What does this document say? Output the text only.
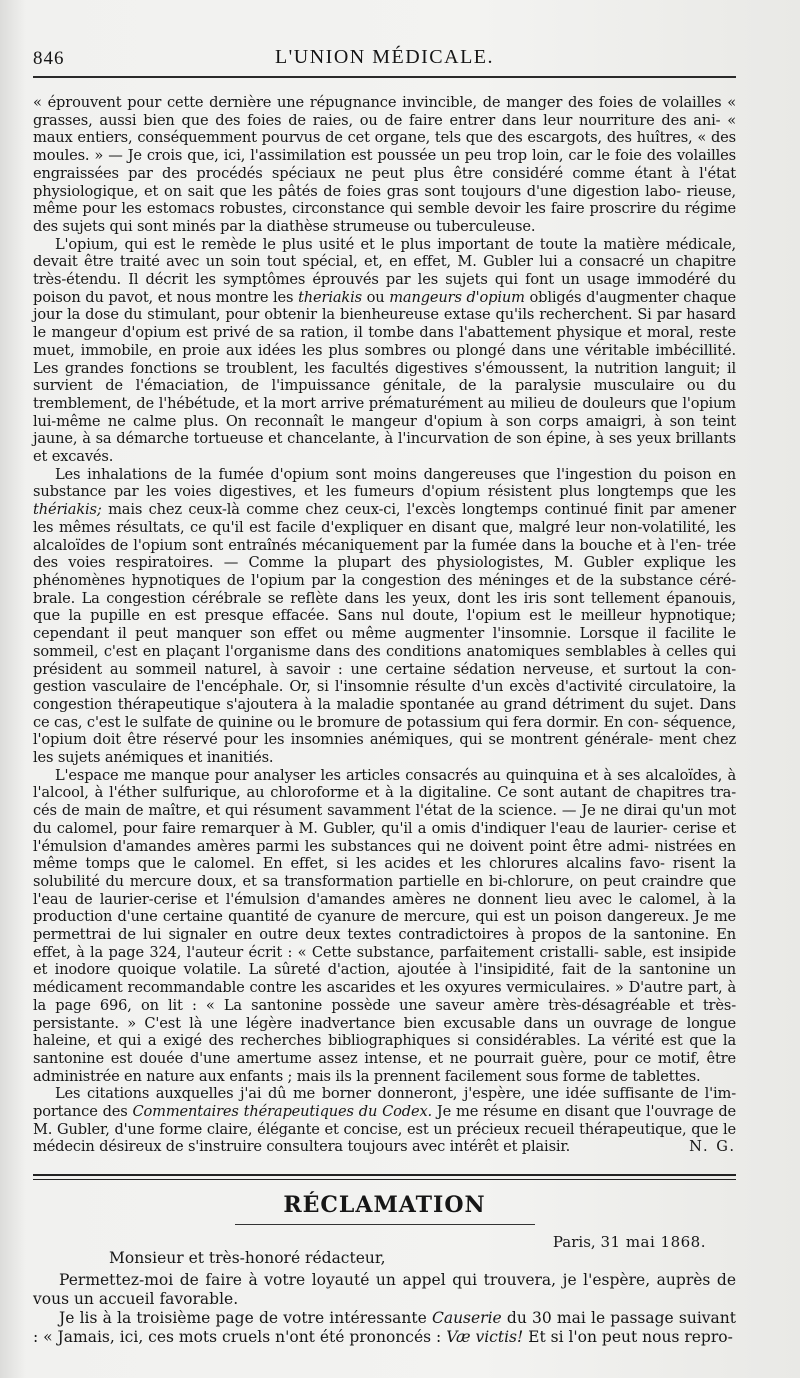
846	L'UNION MÉDICALE.

« éprouvent pour cette dernière une répugnance invincible, de manger des foies de volailles « grasses, aussi bien que des foies de raies, ou de faire entrer dans leur nourriture des ani- « maux entiers, conséquemment pourvus de cet organe, tels que des escargots, des huîtres, « des moules. » — Je crois que, ici, l'assimilation est poussée un peu trop loin, car le foie des volailles engraissées par des procédés spéciaux ne peut plus être considéré comme étant à l'état physiologique, et on sait que les pâtés de foies gras sont toujours d'une digestion labo- rieuse, même pour les estomacs robustes, circonstance qui semble devoir les faire proscrire du régime des sujets qui sont minés par la diathèse strumeuse ou tuberculeuse.

L'opium, qui est le remède le plus usité et le plus important de toute la matière médicale, devait être traité avec un soin tout spécial, et, en effet, M. Gubler lui a consacré un chapitre très-étendu. Il décrit les symptômes éprouvés par les sujets qui font un usage immodéré du poison du pavot, et nous montre les theriakis ou mangeurs d'opium obligés d'augmenter chaque jour la dose du stimulant, pour obtenir la bienheureuse extase qu'ils recherchent. Si par hasard le mangeur d'opium est privé de sa ration, il tombe dans l'abattement physique et moral, reste muet, immobile, en proie aux idées les plus sombres ou plongé dans une véritable imbécillité. Les grandes fonctions se troublent, les facultés digestives s'émoussent, la nutrition languit; il survient de l'émaciation, de l'impuissance génitale, de la paralysie musculaire ou du tremblement, de l'hébétude, et la mort arrive prématurément au milieu de douleurs que l'opium lui-même ne calme plus. On reconnaît le mangeur d'opium à son corps amaigri, à son teint jaune, à sa démarche tortueuse et chancelante, à l'incurvation de son épine, à ses yeux brillants et excavés.

Les inhalations de la fumée d'opium sont moins dangereuses que l'ingestion du poison en substance par les voies digestives, et les fumeurs d'opium résistent plus longtemps que les thériakis; mais chez ceux-là comme chez ceux-ci, l'excès longtemps continué finit par amener les mêmes résultats, ce qu'il est facile d'expliquer en disant que, malgré leur non-volatilité, les alcaloïdes de l'opium sont entraînés mécaniquement par la fumée dans la bouche et à l'en- trée des voies respiratoires. — Comme la plupart des physiologistes, M. Gubler explique les phénomènes hypnotiques de l'opium par la congestion des méninges et de la substance céré- brale. La congestion cérébrale se reflète dans les yeux, dont les iris sont tellement épanouis, que la pupille en est presque effacée. Sans nul doute, l'opium est le meilleur hypnotique; cependant il peut manquer son effet ou même augmenter l'insomnie. Lorsque il facilite le sommeil, c'est en plaçant l'organisme dans des conditions anatomiques semblables à celles qui président au sommeil naturel, à savoir : une certaine sédation nerveuse, et surtout la con- gestion vasculaire de l'encéphale. Or, si l'insomnie résulte d'un excès d'activité circulatoire, la congestion thérapeutique s'ajoutera à la maladie spontanée au grand détriment du sujet. Dans ce cas, c'est le sulfate de quinine ou le bromure de potassium qui fera dormir. En con- séquence, l'opium doit être réservé pour les insomnies anémiques, qui se montrent générale- ment chez les sujets anémiques et inanitiés.

L'espace me manque pour analyser les articles consacrés au quinquina et à ses alcaloïdes, à l'alcool, à l'éther sulfurique, au chloroforme et à la digitaline. Ce sont autant de chapitres tra- cés de main de maître, et qui résument savamment l'état de la science. — Je ne dirai qu'un mot du calomel, pour faire remarquer à M. Gubler, qu'il a omis d'indiquer l'eau de laurier- cerise et l'émulsion d'amandes amères parmi les substances qui ne doivent point être admi- nistrées en même tomps que le calomel. En effet, si les acides et les chlorures alcalins favo- risent la solubilité du mercure doux, et sa transformation partielle en bi-chlorure, on peut craindre que l'eau de laurier-cerise et l'émulsion d'amandes amères ne donnent lieu avec le calomel, à la production d'une certaine quantité de cyanure de mercure, qui est un poison dangereux. Je me permettrai de lui signaler en outre deux textes contradictoires à propos de la santonine. En effet, à la page 324, l'auteur écrit : « Cette substance, parfaitement cristalli- sable, est insipide et inodore quoique volatile. La sûreté d'action, ajoutée à l'insipidité, fait de la santonine un médicament recommandable contre les ascarides et les oxyures vermiculaires. » D'autre part, à la page 696, on lit : « La santonine possède une saveur amère très-désagréable et très-persistante. » C'est là une légère inadvertance bien excusable dans un ouvrage de longue haleine, et qui a exigé des recherches bibliographiques si considérables. La vérité est que la santonine est douée d'une amertume assez intense, et ne pourrait guère, pour ce motif, être administrée en nature aux enfants ; mais ils la prennent facilement sous forme de tablettes.

Les citations auxquelles j'ai dû me borner donneront, j'espère, une idée suffisante de l'im- portance des Commentaires thérapeutiques du Codex. Je me résume en disant que l'ouvrage de M. Gubler, d'une forme claire, élégante et concise, est un précieux recueil thérapeutique, que le médecin désireux de s'instruire consultera toujours avec intérêt et plaisir.	N. G.

RÉCLAMATION
Paris, 31 mai 1868.
Monsieur et très-honoré rédacteur,

Permettez-moi de faire à votre loyauté un appel qui trouvera, je l'espère, auprès de vous un accueil favorable.

Je lis à la troisième page de votre intéressante Causerie du 30 mai le passage suivant : « Jamais, ici, ces mots cruels n'ont été prononcés : Væ victis! Et si l'on peut nous repro-
